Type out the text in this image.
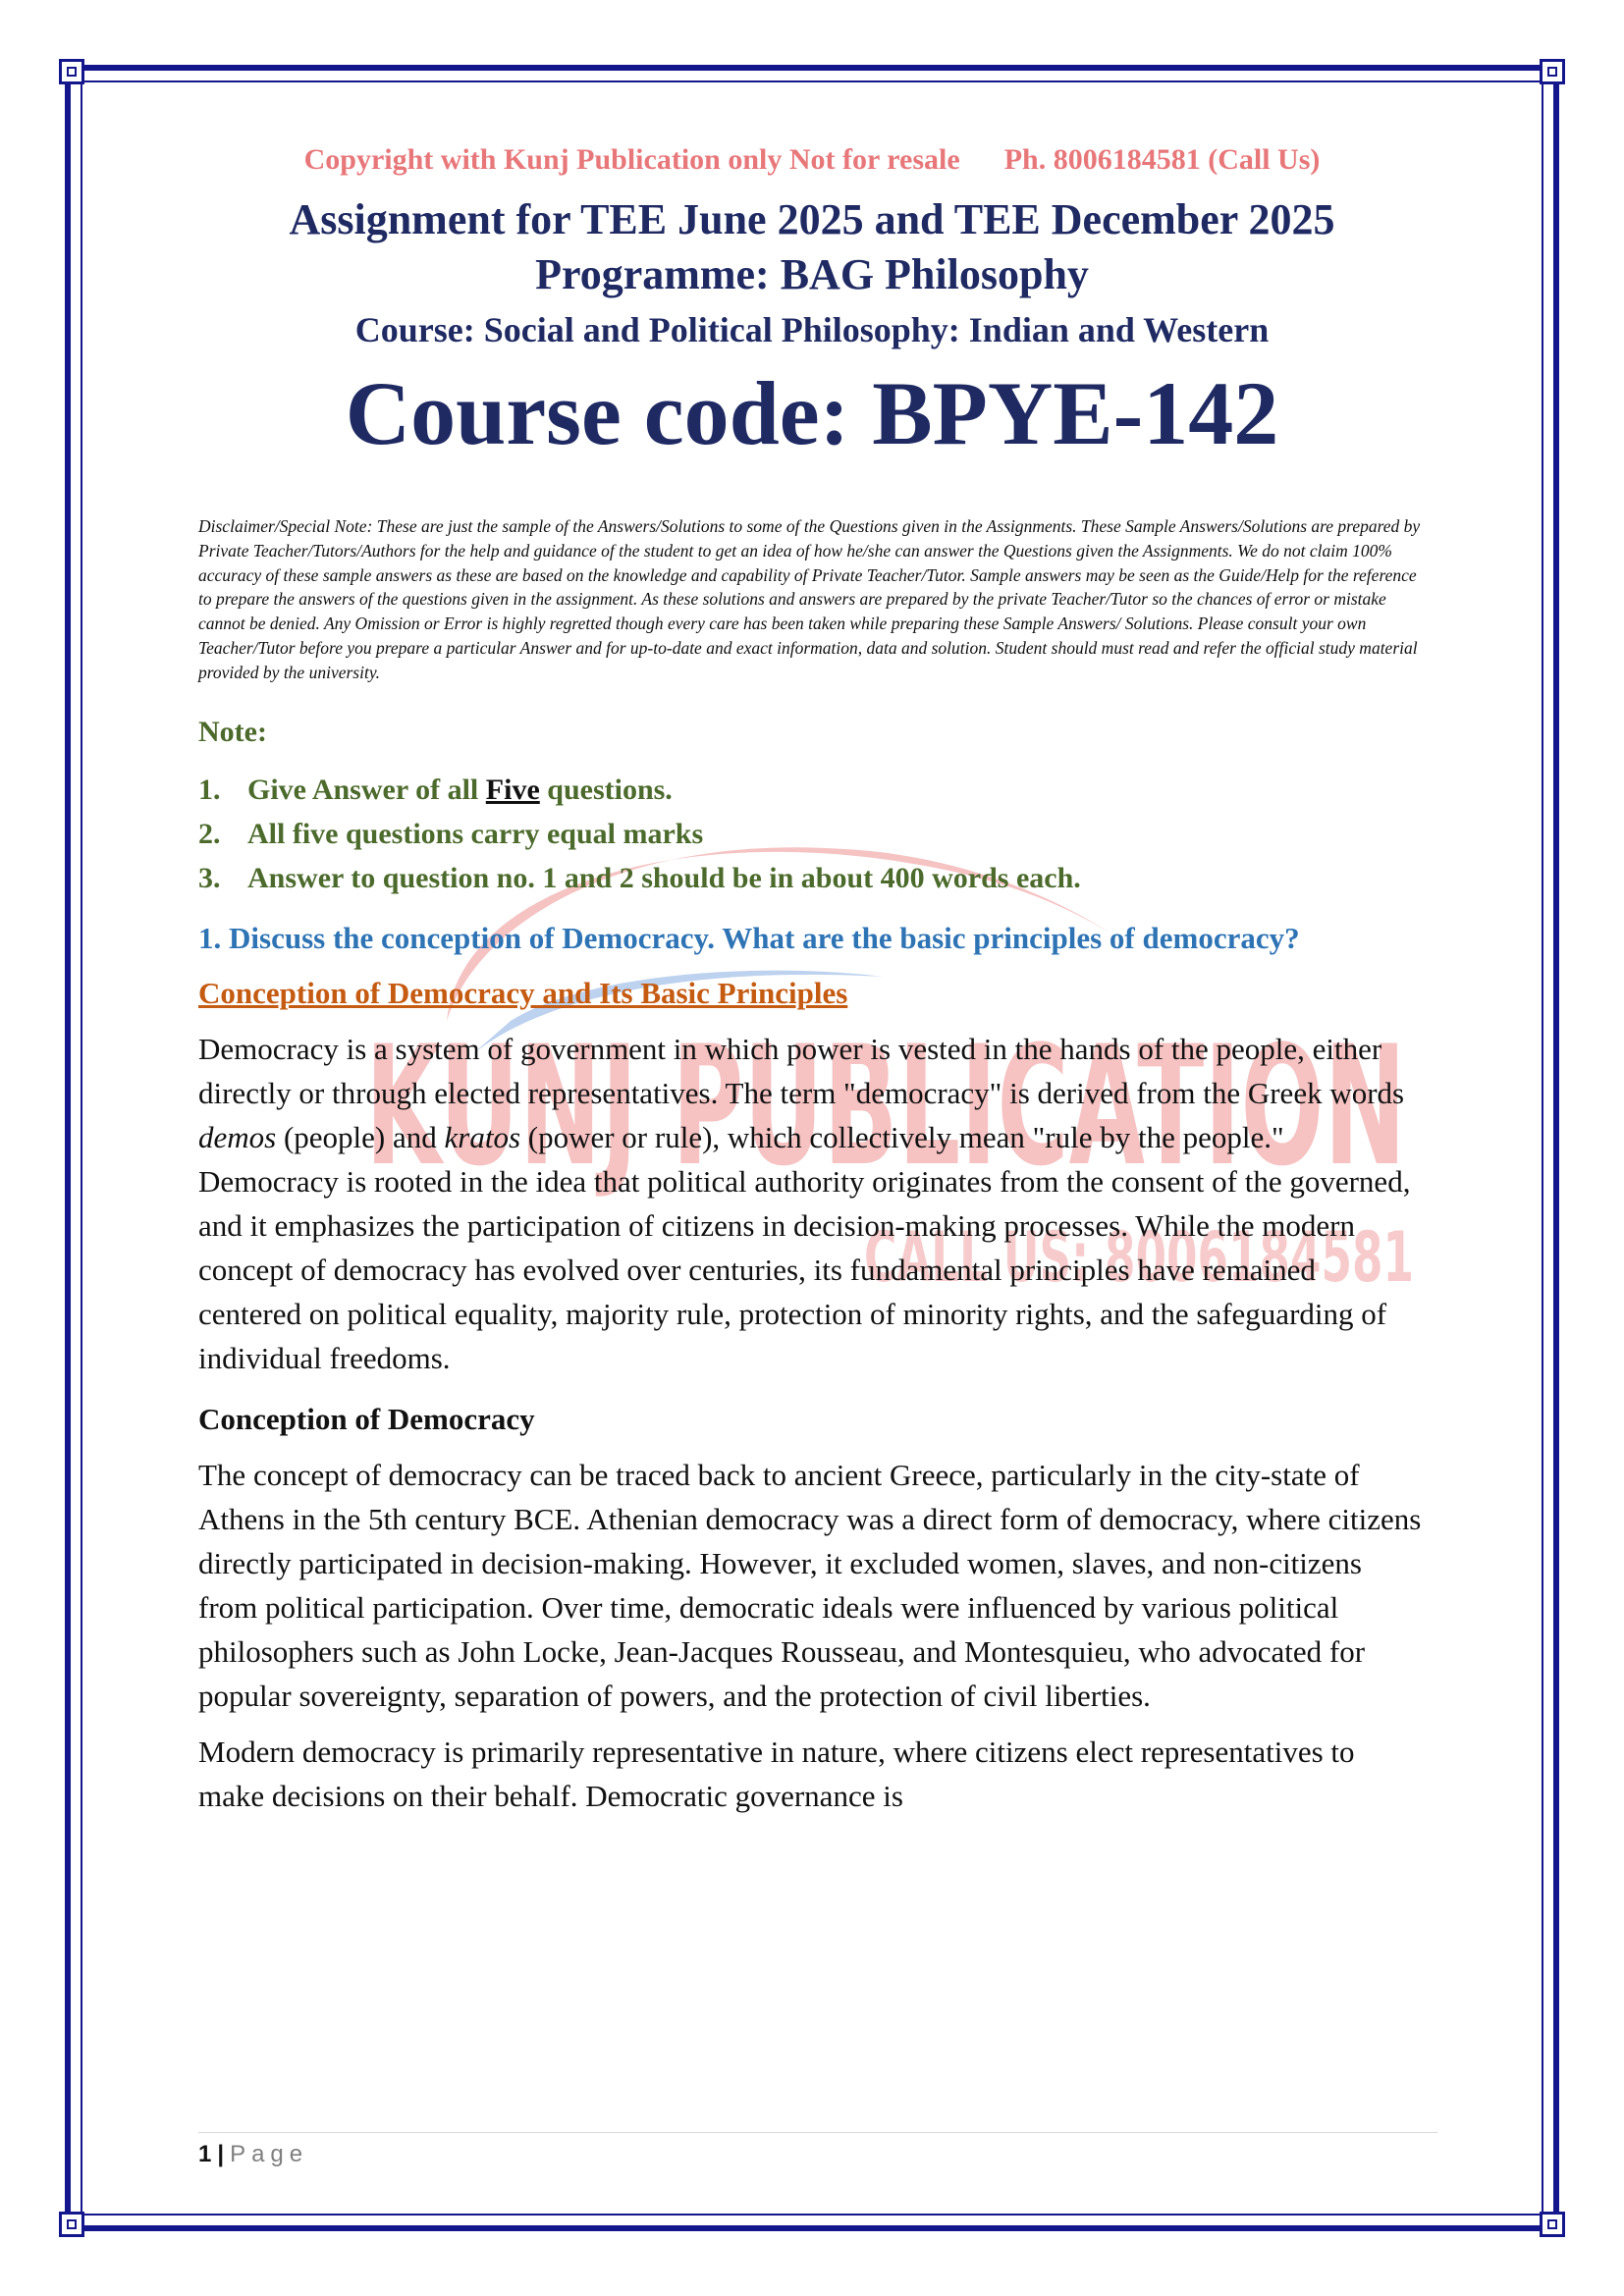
KUNJ PUBLICATION
CALL US: 8006184581

Copyright with Kunj Publication only Not for resale      Ph. 8006184581 (Call Us)

Assignment for TEE June 2025 and TEE December 2025
Programme: BAG Philosophy
Course: Social and Political Philosophy: Indian and Western
Course code: BPYE-142

Disclaimer/Special Note: These are just the sample of the Answers/Solutions to some of the Questions given in the Assignments. These Sample Answers/Solutions are prepared by Private Teacher/Tutors/Authors for the help and guidance of the student to get an idea of how he/she can answer the Questions given the Assignments. We do not claim 100% accuracy of these sample answers as these are based on the knowledge and capability of Private Teacher/Tutor. Sample answers may be seen as the Guide/Help for the reference to prepare the answers of the questions given in the assignment. As these solutions and answers are prepared by the private Teacher/Tutor so the chances of error or mistake cannot be denied. Any Omission or Error is highly regretted though every care has been taken while preparing these Sample Answers/ Solutions. Please consult your own Teacher/Tutor before you prepare a particular Answer and for up-to-date and exact information, data and solution. Student should must read and refer the official study material provided by the university.

Note:

1. Give Answer of all Five questions.
2. All five questions carry equal marks
3. Answer to question no. 1 and 2 should be in about 400 words each.

1. Discuss the conception of Democracy. What are the basic principles of democracy?

Conception of Democracy and Its Basic Principles

Democracy is a system of government in which power is vested in the hands of the people, either directly or through elected representatives. The term "democracy" is derived from the Greek words demos (people) and kratos (power or rule), which collectively mean "rule by the people." Democracy is rooted in the idea that political authority originates from the consent of the governed, and it emphasizes the participation of citizens in decision-making processes. While the modern concept of democracy has evolved over centuries, its fundamental principles have remained centered on political equality, majority rule, protection of minority rights, and the safeguarding of individual freedoms.

Conception of Democracy

The concept of democracy can be traced back to ancient Greece, particularly in the city-state of Athens in the 5th century BCE. Athenian democracy was a direct form of democracy, where citizens directly participated in decision-making. However, it excluded women, slaves, and non-citizens from political participation. Over time, democratic ideals were influenced by various political philosophers such as John Locke, Jean-Jacques Rousseau, and Montesquieu, who advocated for popular sovereignty, separation of powers, and the protection of civil liberties.

Modern democracy is primarily representative in nature, where citizens elect representatives to make decisions on their behalf. Democratic governance is

1 | Page
